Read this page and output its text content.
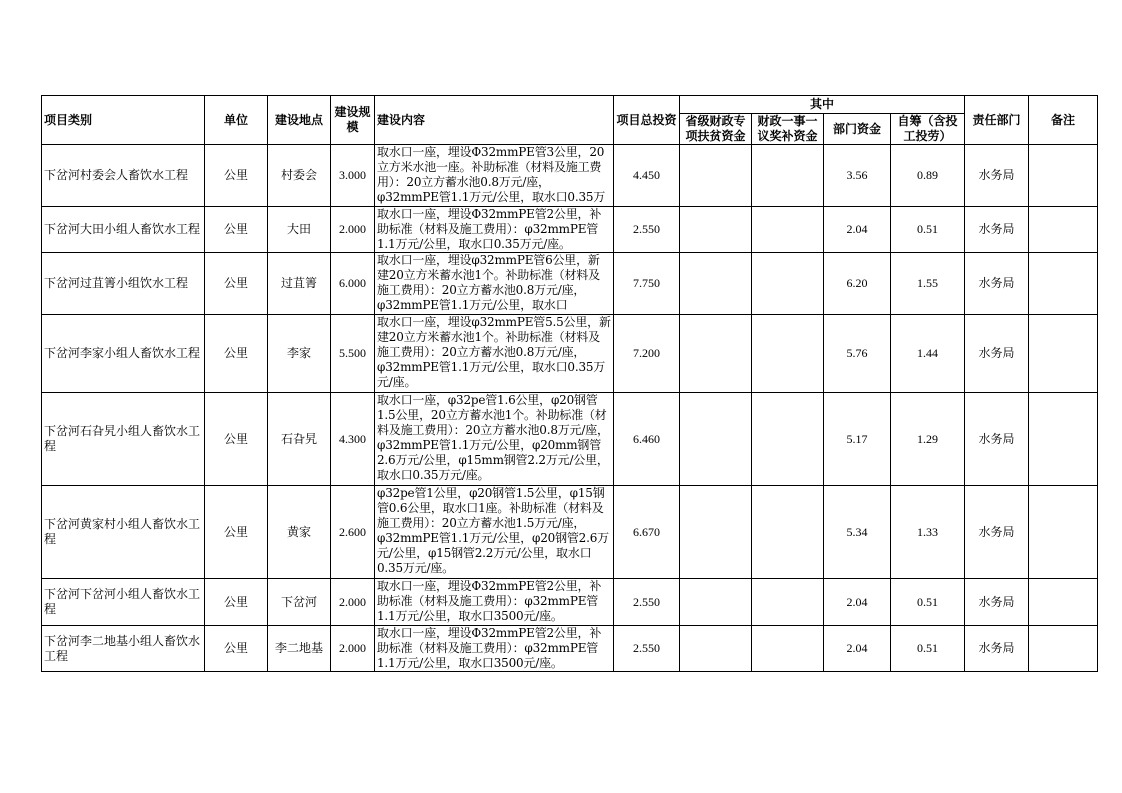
项目类别	单位	建设地点	建设规模	建设内容	项目总投资	其中				责任部门	备注
						省级财政专项扶贫资金	财政一事一议奖补资金	部门资金	自筹（含投工投劳）		
下岔河村委会人畜饮水工程	公里	村委会	3.000	取水口一座，埋设Φ32mmPE管3公里，20立方米水池一座。补助标准（材料及施工费用）：20立方蓄水池0.8万元/座，φ32mmPE管1.1万元/公里，取水口0.35万	4.450			3.56	0.89	水务局	
下岔河大田小组人畜饮水工程	公里	大田	2.000	取水口一座，埋设Φ32mmPE管2公里，补助标准（材料及施工费用）：φ32mmPE管1.1万元/公里，取水口0.35万元/座。	2.550			2.04	0.51	水务局	
下岔河过苴箐小组饮水工程	公里	过苴箐	6.000	取水口一座，埋设φ32mmPE管6公里，新建20立方米蓄水池1个。补助标准（材料及施工费用）：20立方蓄水池0.8万元/座，φ32mmPE管1.1万元/公里，取水口	7.750			6.20	1.55	水务局	
下岔河李家小组人畜饮水工程	公里	李家	5.500	取水口一座，埋设φ32mmPE管5.5公里，新建20立方米蓄水池1个。补助标准（材料及施工费用）：20立方蓄水池0.8万元/座，φ32mmPE管1.1万元/公里，取水口0.35万元/座。	7.200			5.76	1.44	水务局	
下岔河石旮旯小组人畜饮水工程	公里	石旮旯	4.300	取水口一座，φ32pe管1.6公里，φ20钢管1.5公里，20立方蓄水池1个。补助标准（材料及施工费用）：20立方蓄水池0.8万元/座，φ32mmPE管1.1万元/公里，φ20mm钢管2.6万元/公里，φ15mm钢管2.2万元/公里，取水口0.35万元/座。	6.460			5.17	1.29	水务局	
下岔河黄家村小组人畜饮水工程	公里	黄家	2.600	φ32pe管1公里，φ20钢管1.5公里，φ15钢管0.6公里，取水口1座。补助标准（材料及施工费用）：20立方蓄水池1.5万元/座，φ32mmPE管1.1万元/公里，φ20钢管2.6万元/公里，φ15钢管2.2万元/公里，取水口0.35万元/座。	6.670			5.34	1.33	水务局	
下岔河下岔河小组人畜饮水工程	公里	下岔河	2.000	取水口一座，埋设Φ32mmPE管2公里，补助标准（材料及施工费用）：φ32mmPE管1.1万元/公里，取水口3500元/座。	2.550			2.04	0.51	水务局	
下岔河李二地基小组人畜饮水工程	公里	李二地基	2.000	取水口一座，埋设Φ32mmPE管2公里，补助标准（材料及施工费用）：φ32mmPE管1.1万元/公里，取水口3500元/座。	2.550			2.04	0.51	水务局	
